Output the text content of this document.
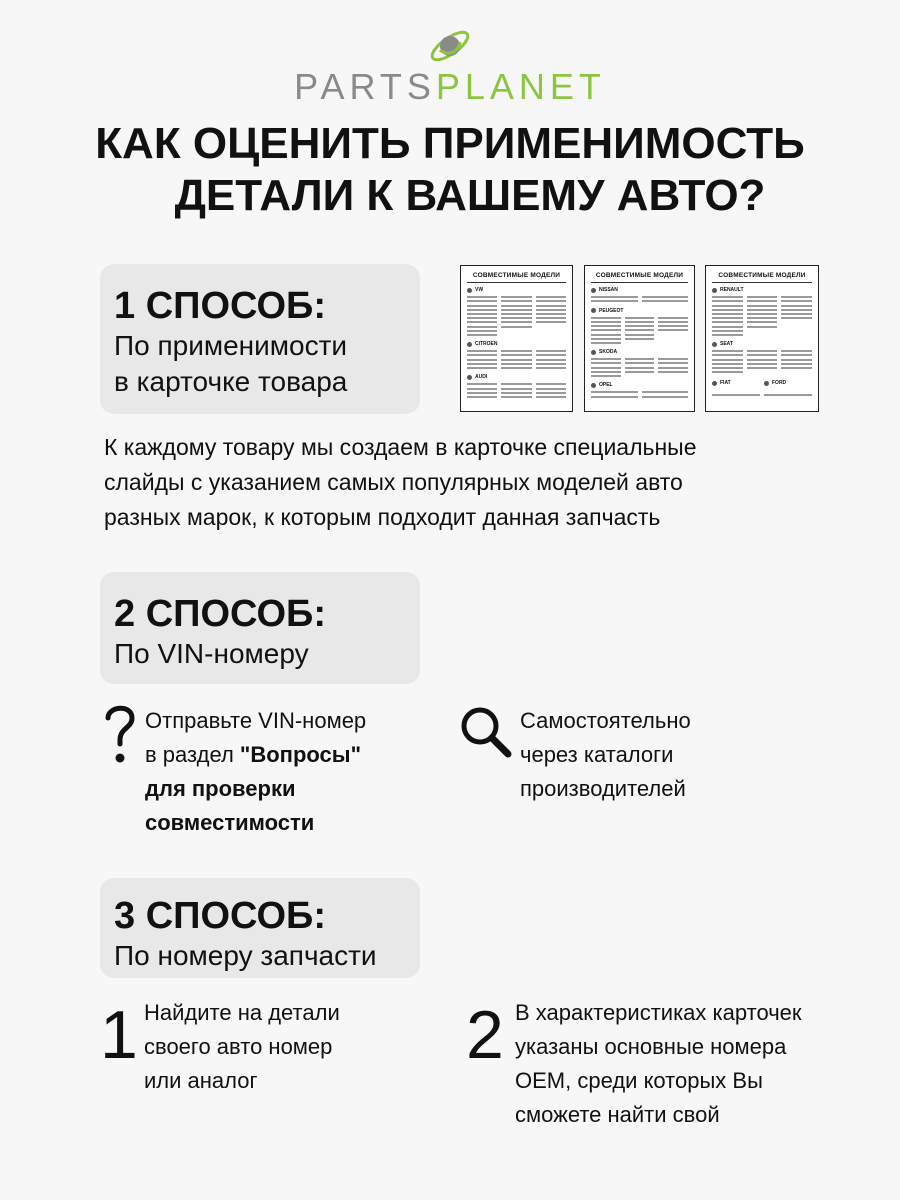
PARTSPLANET
КАК ОЦЕНИТЬ ПРИМЕНИМОСТЬ
ДЕТАЛИ К ВАШЕМУ АВТО?
1 СПОСОБ:
По применимости
в карточке товара
СОВМЕСТИМЫЕ МОДЕЛИ
VW
CITROEN
AUDI
СОВМЕСТИМЫЕ МОДЕЛИ
NISSAN
PEUGEOT
SKODA
OPEL
СОВМЕСТИМЫЕ МОДЕЛИ
RENAULT
SEAT
FIAT	FORD
К каждому товару мы создаем в карточке специальные
слайды с указанием самых популярных моделей авто
разных марок, к которым подходит данная запчасть
2 СПОСОБ:
По VIN-номеру
Отправьте VIN-номер
в раздел "Вопросы"
для проверки
совместимости
Самостоятельно
через каталоги
производителей
3 СПОСОБ:
По номеру запчасти
1 Найдите на детали
своего авто номер
или аналог
2 В характеристиках карточек
указаны основные номера
OEM, среди которых Вы
сможете найти свой
